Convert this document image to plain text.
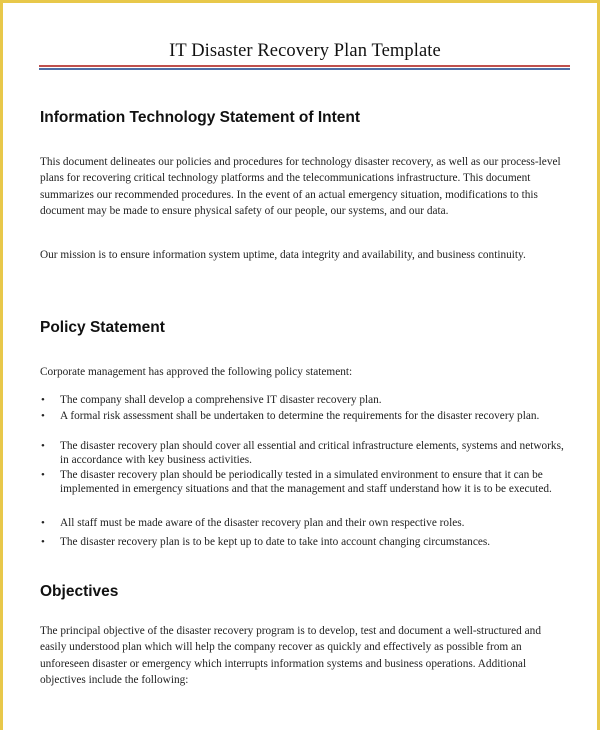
IT Disaster Recovery Plan Template
Information Technology Statement of Intent
This document delineates our policies and procedures for technology disaster recovery, as well as our process-level plans for recovering critical technology platforms and the telecommunications infrastructure. This document summarizes our recommended procedures. In the event of an actual emergency situation, modifications to this document may be made to ensure physical safety of our people, our systems, and our data.
Our mission is to ensure information system uptime, data integrity and availability, and business continuity.
Policy Statement
Corporate management has approved the following policy statement:
• The company shall develop a comprehensive IT disaster recovery plan.
• A formal risk assessment shall be undertaken to determine the requirements for the disaster recovery plan.
• The disaster recovery plan should cover all essential and critical infrastructure elements, systems and networks, in accordance with key business activities.
• The disaster recovery plan should be periodically tested in a simulated environment to ensure that it can be implemented in emergency situations and that the management and staff understand how it is to be executed.
• All staff must be made aware of the disaster recovery plan and their own respective roles.
• The disaster recovery plan is to be kept up to date to take into account changing circumstances.
Objectives
The principal objective of the disaster recovery program is to develop, test and document a well-structured and easily understood plan which will help the company recover as quickly and effectively as possible from an unforeseen disaster or emergency which interrupts information systems and business operations. Additional objectives include the following:
